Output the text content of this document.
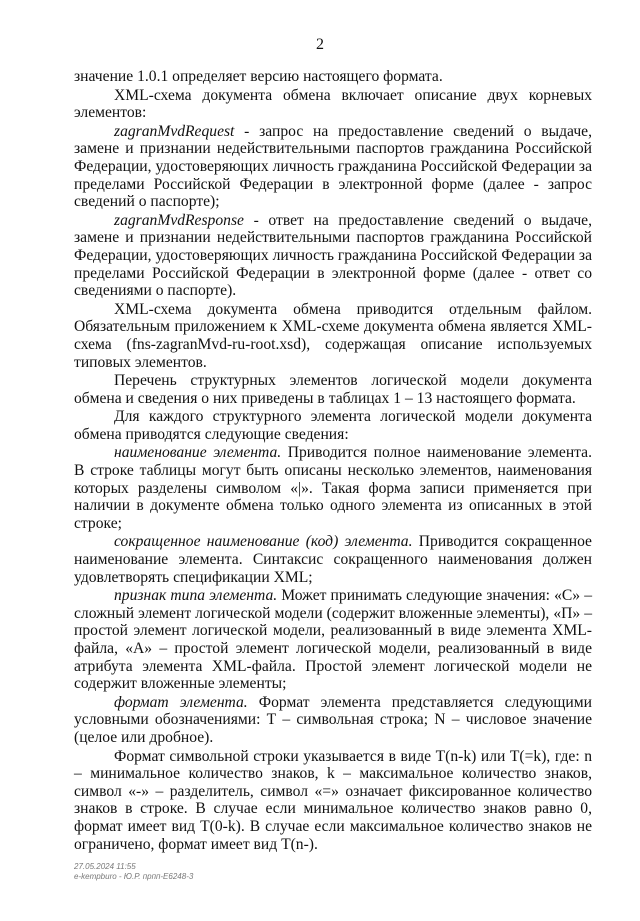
2

значение 1.0.1 определяет версию настоящего формата.

XML-схема документа обмена включает описание двух корневых элементов:

zagranMvdRequest - запрос на предоставление сведений о выдаче, замене и признании недействительными паспортов гражданина Российской Федерации, удостоверяющих личность гражданина Российской Федерации за пределами Российской Федерации в электронной форме (далее - запрос сведений о паспорте);

zagranMvdResponse - ответ на предоставление сведений о выдаче, замене и признании недействительными паспортов гражданина Российской Федерации, удостоверяющих личность гражданина Российской Федерации за пределами Российской Федерации в электронной форме (далее - ответ со сведениями о паспорте).

XML-схема документа обмена приводится отдельным файлом. Обязательным приложением к XML-схеме документа обмена является XML-схема (fns-zagranMvd-ru-root.xsd), содержащая описание используемых типовых элементов.

Перечень структурных элементов логической модели документа обмена и сведения о них приведены в таблицах 1 – 13 настоящего формата.

Для каждого структурного элемента логической модели документа обмена приводятся следующие сведения:

наименование элемента. Приводится полное наименование элемента. В строке таблицы могут быть описаны несколько элементов, наименования которых разделены символом «|». Такая форма записи применяется при наличии в документе обмена только одного элемента из описанных в этой строке;

сокращенное наименование (код) элемента. Приводится сокращенное наименование элемента. Синтаксис сокращенного наименования должен удовлетворять спецификации XML;

признак типа элемента. Может принимать следующие значения: «С» – сложный элемент логической модели (содержит вложенные элементы), «П» – простой элемент логической модели, реализованный в виде элемента XML-файла, «А» – простой элемент логической модели, реализованный в виде атрибута элемента XML-файла. Простой элемент логической модели не содержит вложенные элементы;

формат элемента. Формат элемента представляется следующими условными обозначениями: Т – символьная строка; N – числовое значение (целое или дробное).

Формат символьной строки указывается в виде T(n-k) или T(=k), где: n – минимальное количество знаков, k – максимальное количество знаков, символ «-» – разделитель, символ «=» означает фиксированное количество знаков в строке. В случае если минимальное количество знаков равно 0, формат имеет вид T(0-k). В случае если максимальное количество знаков не ограничено, формат имеет вид T(n-).

27.05.2024 11:55
e-kempburo - Ю.Р. прпп-Е6248-3
